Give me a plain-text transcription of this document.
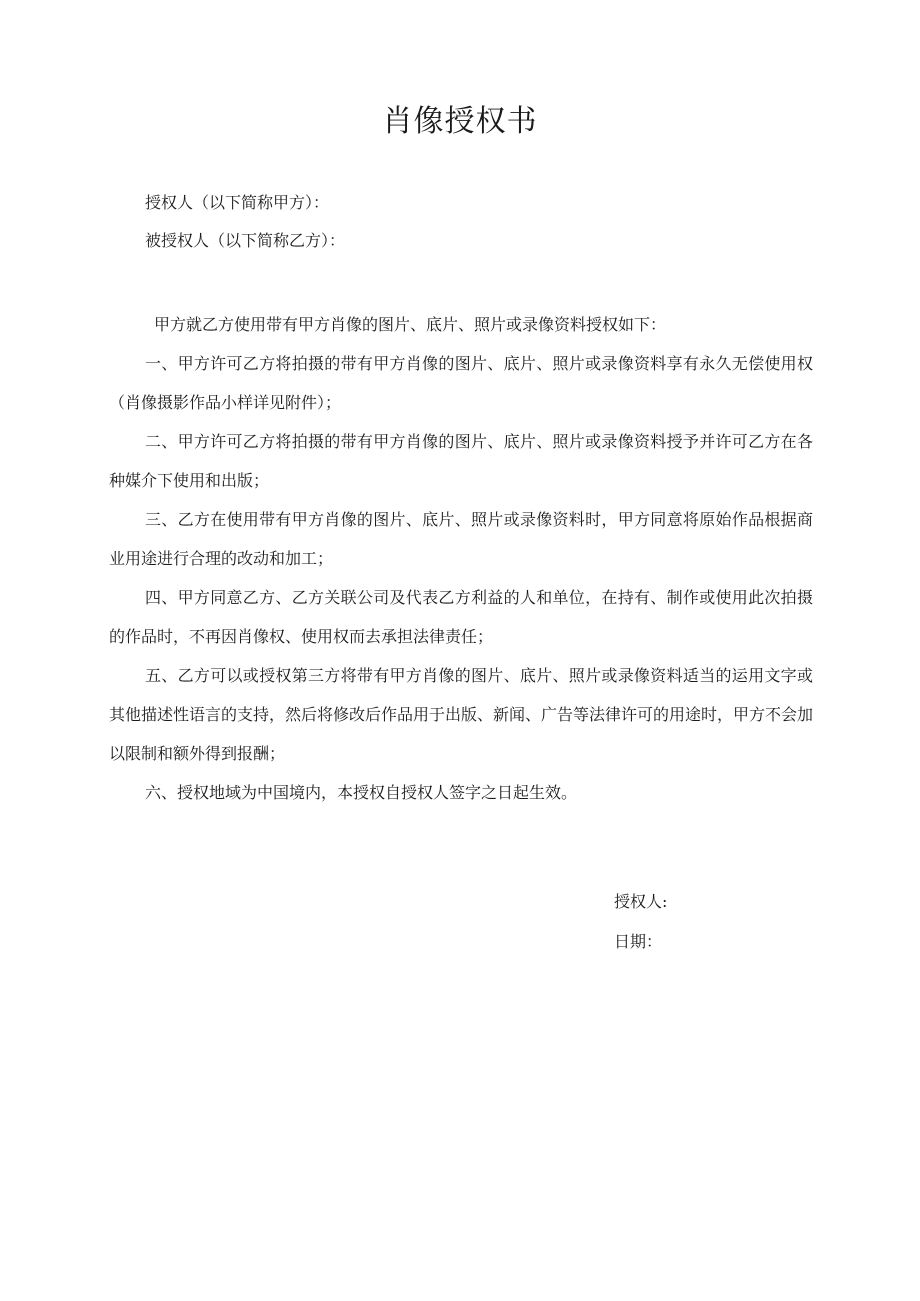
肖像授权书
授权人（以下简称甲方）：
被授权人（以下简称乙方）：

甲方就乙方使用带有甲方肖像的图片、底片、照片或录像资料授权如下：

一、甲方许可乙方将拍摄的带有甲方肖像的图片、底片、照片或录像资料享有永久无偿使用权（肖像摄影作品小样详见附件）；

二、甲方许可乙方将拍摄的带有甲方肖像的图片、底片、照片或录像资料授予并许可乙方在各种媒介下使用和出版；

三、乙方在使用带有甲方肖像的图片、底片、照片或录像资料时，甲方同意将原始作品根据商业用途进行合理的改动和加工；

四、甲方同意乙方、乙方关联公司及代表乙方利益的人和单位，在持有、制作或使用此次拍摄的作品时，不再因肖像权、使用权而去承担法律责任；

五、乙方可以或授权第三方将带有甲方肖像的图片、底片、照片或录像资料适当的运用文字或其他描述性语言的支持，然后将修改后作品用于出版、新闻、广告等法律许可的用途时，甲方不会加以限制和额外得到报酬；

六、授权地域为中国境内，本授权自授权人签字之日起生效。

授权人:
日期：
